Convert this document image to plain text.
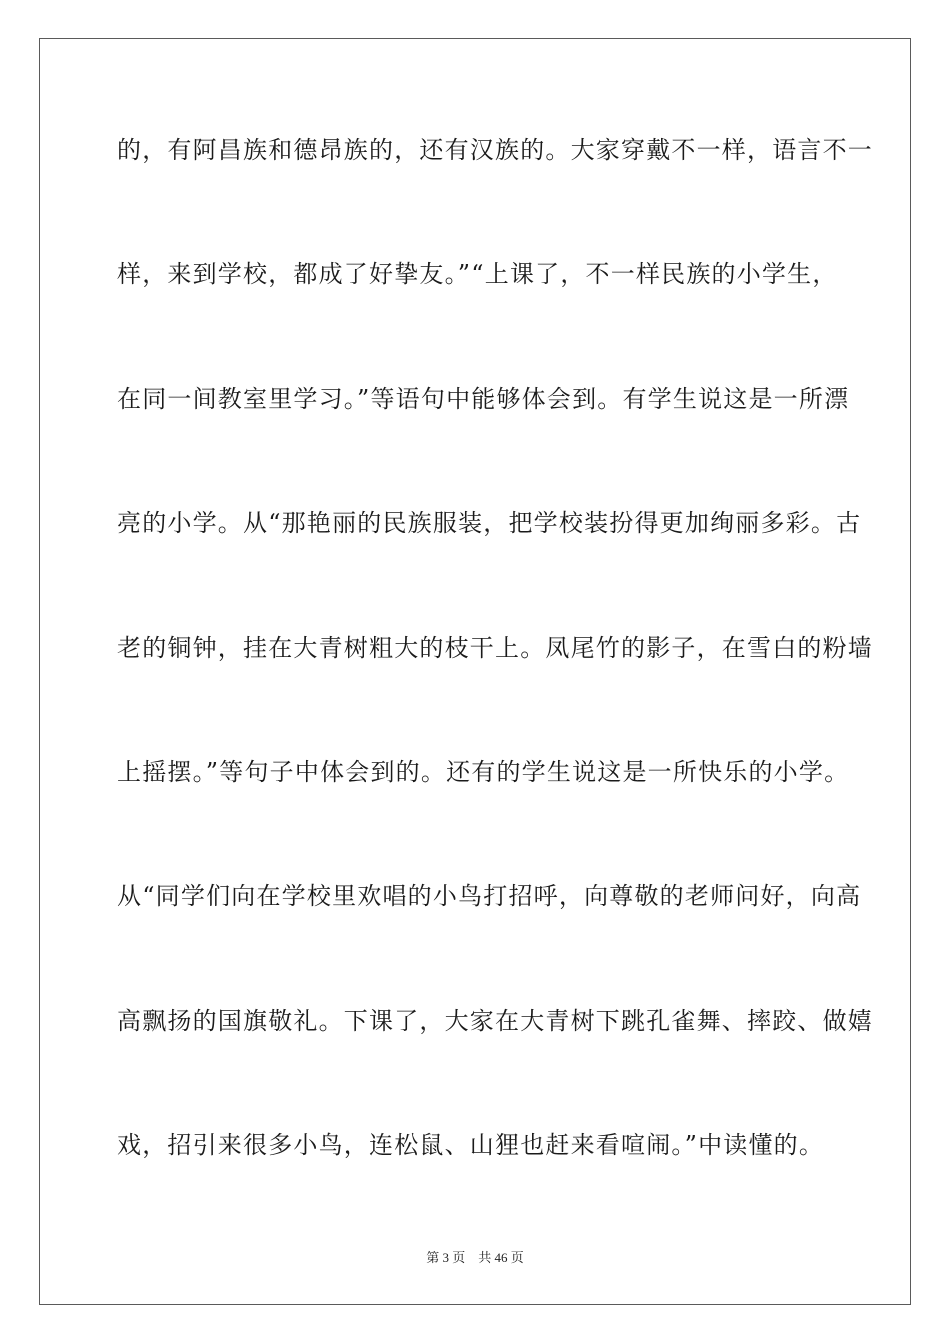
的，有阿昌族和德昂族的，还有汉族的。大家穿戴不一样，语言不一
样，来到学校，都成了好挚友。”“上课了，不一样民族的小学生，
在同一间教室里学习。”等语句中能够体会到。有学生说这是一所漂
亮的小学。从“那艳丽的民族服装，把学校装扮得更加绚丽多彩。古
老的铜钟，挂在大青树粗大的枝干上。凤尾竹的影子，在雪白的粉墙
上摇摆。”等句子中体会到的。还有的学生说这是一所快乐的小学。
从“同学们向在学校里欢唱的小鸟打招呼，向尊敬的老师问好，向高
高飘扬的国旗敬礼。下课了，大家在大青树下跳孔雀舞、摔跤、做嬉
戏，招引来很多小鸟，连松鼠、山狸也赶来看喧闹。”中读懂的。
第 3 页    共 46 页
